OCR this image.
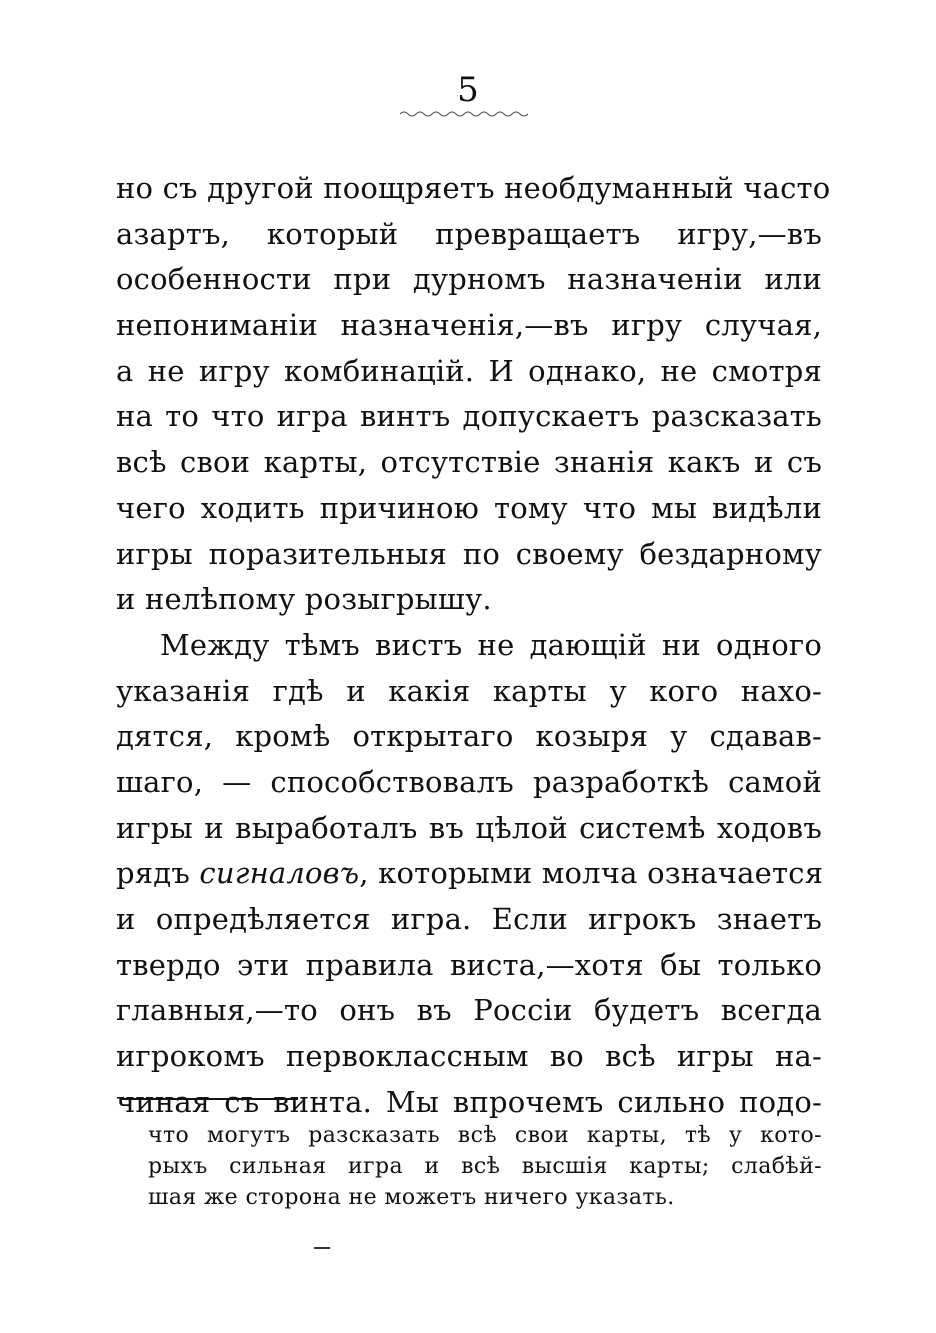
5
но съ другой поощряетъ необдуманный часто
азартъ, который превращаетъ игру,—въ
особенности при дурномъ назначеніи или
непониманіи назначенія,—въ игру случая,
а не игру комбинацій. И однако, не смотря
на то что игра винтъ допускаетъ разсказать
всѣ свои карты, отсутствіе знанія какъ и съ
чего ходить причиною тому что мы видѣли
игры поразительныя по своему бездарному
и нелѣпому розыгрышу.
Между тѣмъ вистъ не дающій ни одного
указанія гдѣ и какія карты у кого нахо-
дятся, кромѣ открытаго козыря у сдавав-
шаго, — способствовалъ разработкѣ самой
игры и выработалъ въ цѣлой системѣ ходовъ
рядъ сигналовъ, которыми молча означается
и опредѣляется игра. Если игрокъ знаетъ
твердо эти правила виста,—хотя бы только
главныя,—то онъ въ Россіи будетъ всегда
игрокомъ первоклассным во всѣ игры на-
чиная съ винта. Мы впрочемъ сильно подо-
что могутъ разсказать всѣ свои карты, тѣ у кото-
рыхъ сильная игра и всѣ высшія карты; слабѣй-
шая же сторона не можетъ ничего указать.
